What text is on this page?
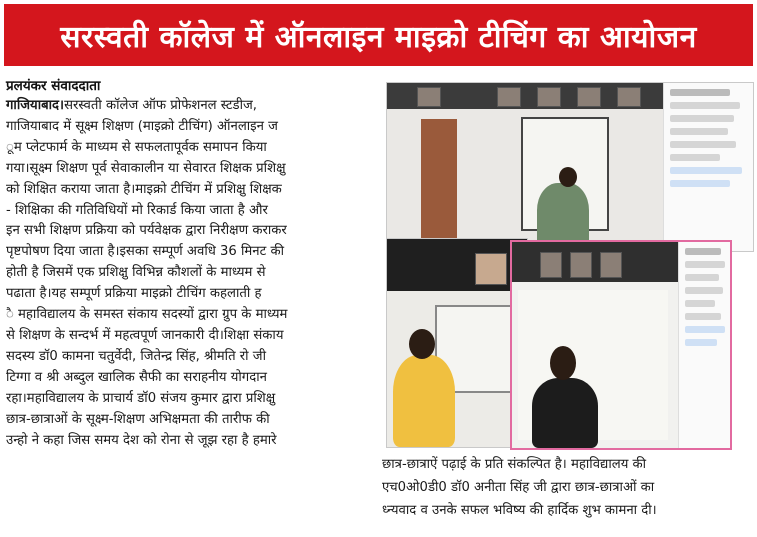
सरस्वती कॉलेज में ऑनलाइन माइक्रो टीचिंग का आयोजन
प्रलयंकर संवाददाता

गाजियाबाद।सरस्वती कॉलेज ऑफ प्रोफेशनल स्टडीज,

गाजियाबाद में सूक्ष्म शिक्षण (माइक्रो टीचिंग) ऑनलाइन ज

ूम प्लेटफार्म के माध्यम से सफलतापूर्वक समापन किया

गया।सूक्ष्म शिक्षण पूर्व सेवाकालीन या सेवारत शिक्षक प्रशिक्षु

को शिक्षित कराया जाता है।माइक्रो टीचिंग में प्रशिक्षु शिक्षक

- शिक्षिका की गतिविधियों मो रिकार्ड किया जाता है और

इन सभी शिक्षण प्रक्रिया को पर्यवेक्षक द्वारा निरीक्षण कराकर

पृष्टपोषण दिया जाता है।इसका सम्पूर्ण अवधि 36 मिनट की

होती है जिसमें एक प्रशिक्षु विभिन्न कौशलों के माध्यम से

पढाता है।यह सम्पूर्ण प्रक्रिया माइक्रो टीचिंग कहलाती ह

ै महाविद्यालय के समस्त संकाय सदस्यों द्वारा ग्रुप के माध्यम

से शिक्षण के सन्दर्भ में महत्वपूर्ण जानकारी दी।शिक्षा संकाय

सदस्य डॉ0 कामना चतुर्वेदी, जितेन्द्र सिंह, श्रीमति रो जी

टिग्गा व श्री अब्दुल खालिक सैफी का सराहनीय योगदान

रहा।महाविद्यालय के प्राचार्य डॉ0 संजय कुमार द्वारा प्रशिक्षु

छात्र-छात्राओं के सूक्ष्म-शिक्षण अभिक्षमता की तारीफ की

उन्हो ने कहा जिस समय देश को रोना से जूझ रहा है हमारे

छात्र-छात्राऐं पढ़ाई के प्रति संकल्पित है। महाविद्यालय की

एच0ओ0डी0 डॉ0 अनीता सिंह जी द्वारा छात्र-छात्राओं का

ध्न्यवाद व उनके सफल भविष्य की हार्दिक शुभ कामना दी।
